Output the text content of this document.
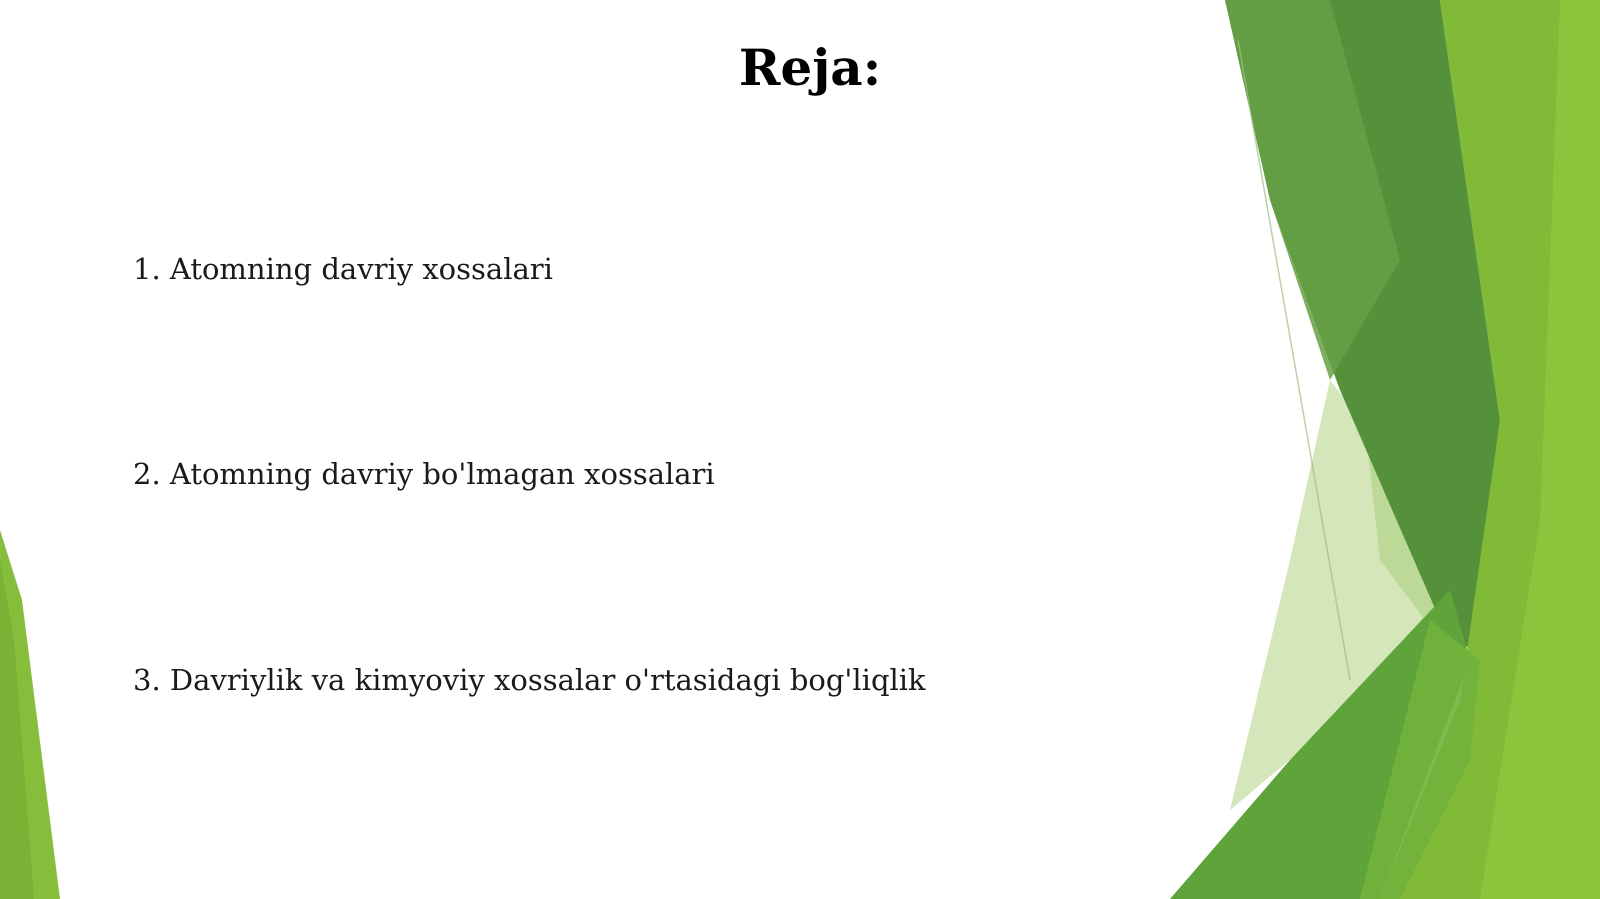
Reja:
1. Atomning davriy xossalari
2. Atomning davriy bo'lmagan xossalari
3. Davriylik va kimyoviy xossalar o'rtasidagi bog'liqlik
